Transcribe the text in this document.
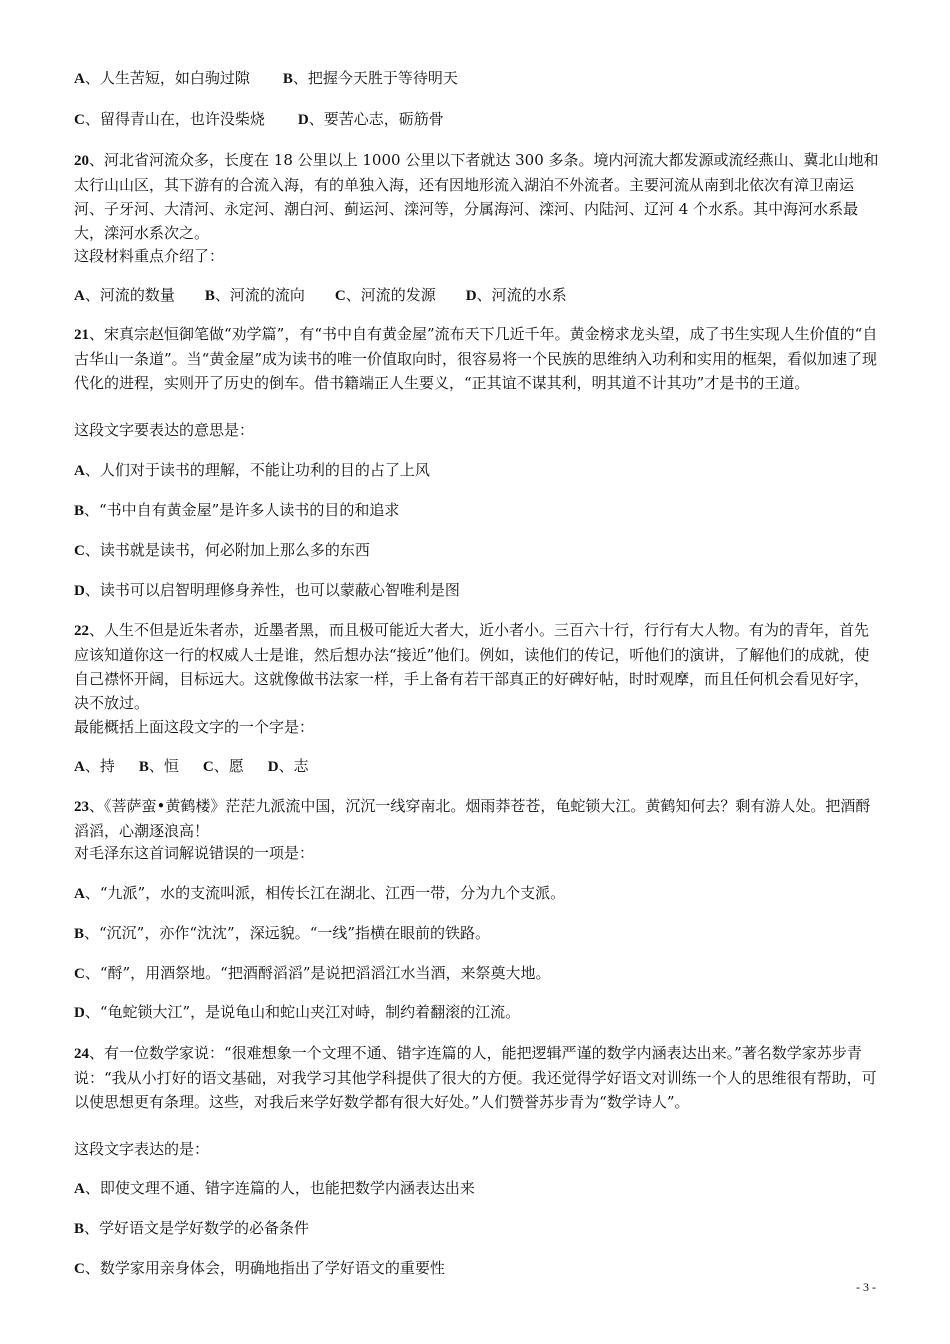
A、人生苦短，如白驹过隙 B、把握今天胜于等待明天
C、留得青山在，也许没柴烧 D、要苦心志，砺筋骨
20、河北省河流众多，长度在 18 公里以上 1000 公里以下者就达 300 多条。境内河流大都发源或流经燕山、冀北山地和太行山山区，其下游有的合流入海，有的单独入海，还有因地形流入湖泊不外流者。主要河流从南到北依次有漳卫南运河、子牙河、大清河、永定河、潮白河、蓟运河、滦河等，分属海河、滦河、内陆河、辽河 4 个水系。其中海河水系最大，滦河水系次之。
这段材料重点介绍了：
A、河流的数量 B、河流的流向 C、河流的发源 D、河流的水系
21、宋真宗赵恒御笔做“劝学篇”，有“书中自有黄金屋”流布天下几近千年。黄金榜求龙头望，成了书生实现人生价值的“自古华山一条道”。当“黄金屋”成为读书的唯一价值取向时，很容易将一个民族的思维纳入功利和实用的框架，看似加速了现代化的进程，实则开了历史的倒车。借书籍端正人生要义，“正其谊不谋其利，明其道不计其功”才是书的王道。
这段文字要表达的意思是：
A、人们对于读书的理解，不能让功利的目的占了上风
B、“书中自有黄金屋”是许多人读书的目的和追求
C、读书就是读书，何必附加上那么多的东西
D、读书可以启智明理修身养性，也可以蒙蔽心智唯利是图
22、人生不但是近朱者赤，近墨者黑，而且极可能近大者大，近小者小。三百六十行，行行有大人物。有为的青年，首先应该知道你这一行的权威人士是谁，然后想办法“接近”他们。例如，读他们的传记，听他们的演讲，了解他们的成就，使自己襟怀开阔，目标远大。这就像做书法家一样，手上备有若干部真正的好碑好帖，时时观摩，而且任何机会看见好字，决不放过。
最能概括上面这段文字的一个字是：
A、持 B、恒 C、愿 D、志
23、《菩萨蛮•黄鹤楼》茫茫九派流中国，沉沉一线穿南北。烟雨莽苍苍，龟蛇锁大江。黄鹤知何去？剩有游人处。把酒酹滔滔，心潮逐浪高！
对毛泽东这首词解说错误的一项是：
A、“九派”，水的支流叫派，相传长江在湖北、江西一带，分为九个支派。
B、“沉沉”，亦作“沈沈”，深远貌。“一线”指横在眼前的铁路。
C、“酹”，用酒祭地。“把酒酹滔滔”是说把滔滔江水当酒，来祭奠大地。
D、“龟蛇锁大江”，是说龟山和蛇山夹江对峙，制约着翻滚的江流。
24、有一位数学家说：“很难想象一个文理不通、错字连篇的人，能把逻辑严谨的数学内涵表达出来。”著名数学家苏步青说：“我从小打好的语文基础，对我学习其他学科提供了很大的方便。我还觉得学好语文对训练一个人的思维很有帮助，可以使思想更有条理。这些，对我后来学好数学都有很大好处。”人们赞誉苏步青为“数学诗人”。
这段文字表达的是：
A、即使文理不通、错字连篇的人，也能把数学内涵表达出来
B、学好语文是学好数学的必备条件
C、数学家用亲身体会，明确地指出了学好语文的重要性
- 3 -
